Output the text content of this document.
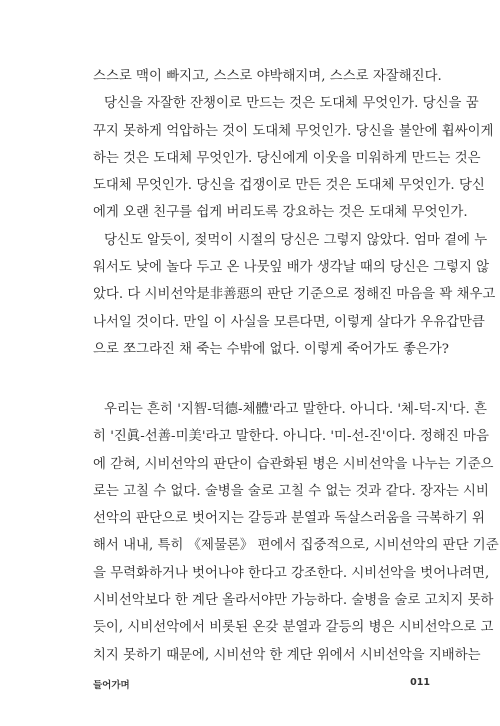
스스로 맥이 빠지고, 스스로 야박해지며, 스스로 자잘해진다.
당신을 자잘한 잔챙이로 만드는 것은 도대체 무엇인가. 당신을 꿈
꾸지 못하게 억압하는 것이 도대체 무엇인가. 당신을 불안에 휩싸이게
하는 것은 도대체 무엇인가. 당신에게 이웃을 미워하게 만드는 것은
도대체 무엇인가. 당신을 겁쟁이로 만든 것은 도대체 무엇인가. 당신
에게 오랜 친구를 쉽게 버리도록 강요하는 것은 도대체 무엇인가.
당신도 알듯이, 젖먹이 시절의 당신은 그렇지 않았다. 엄마 곁에 누
워서도 낮에 놀다 두고 온 나뭇잎 배가 생각날 때의 당신은 그렇지 않
았다. 다 시비선악是非善惡의 판단 기준으로 정해진 마음을 꽉 채우고
나서일 것이다. 만일 이 사실을 모른다면, 이렇게 살다가 우유갑만큼
으로 쪼그라진 채 죽는 수밖에 없다. 이렇게 죽어가도 좋은가?
우리는 흔히 '지智-덕德-체體'라고 말한다. 아니다. '체-덕-지'다. 흔
히 '진眞-선善-미美'라고 말한다. 아니다. '미-선-진'이다. 정해진 마음
에 갇혀, 시비선악의 판단이 습관화된 병은 시비선악을 나누는 기준으
로는 고칠 수 없다. 술병을 술로 고칠 수 없는 것과 같다. 장자는 시비
선악의 판단으로 벗어지는 갈등과 분열과 독살스러움을 극복하기 위
해서 내내, 특히 《제물론》 편에서 집중적으로, 시비선악의 판단 기준
을 무력화하거나 벗어나야 한다고 강조한다. 시비선악을 벗어나려면,
시비선악보다 한 계단 올라서야만 가능하다. 술병을 술로 고치지 못하
듯이, 시비선악에서 비롯된 온갖 분열과 갈등의 병은 시비선악으로 고
치지 못하기 때문에, 시비선악 한 계단 위에서 시비선악을 지배하는
들어가며	011
